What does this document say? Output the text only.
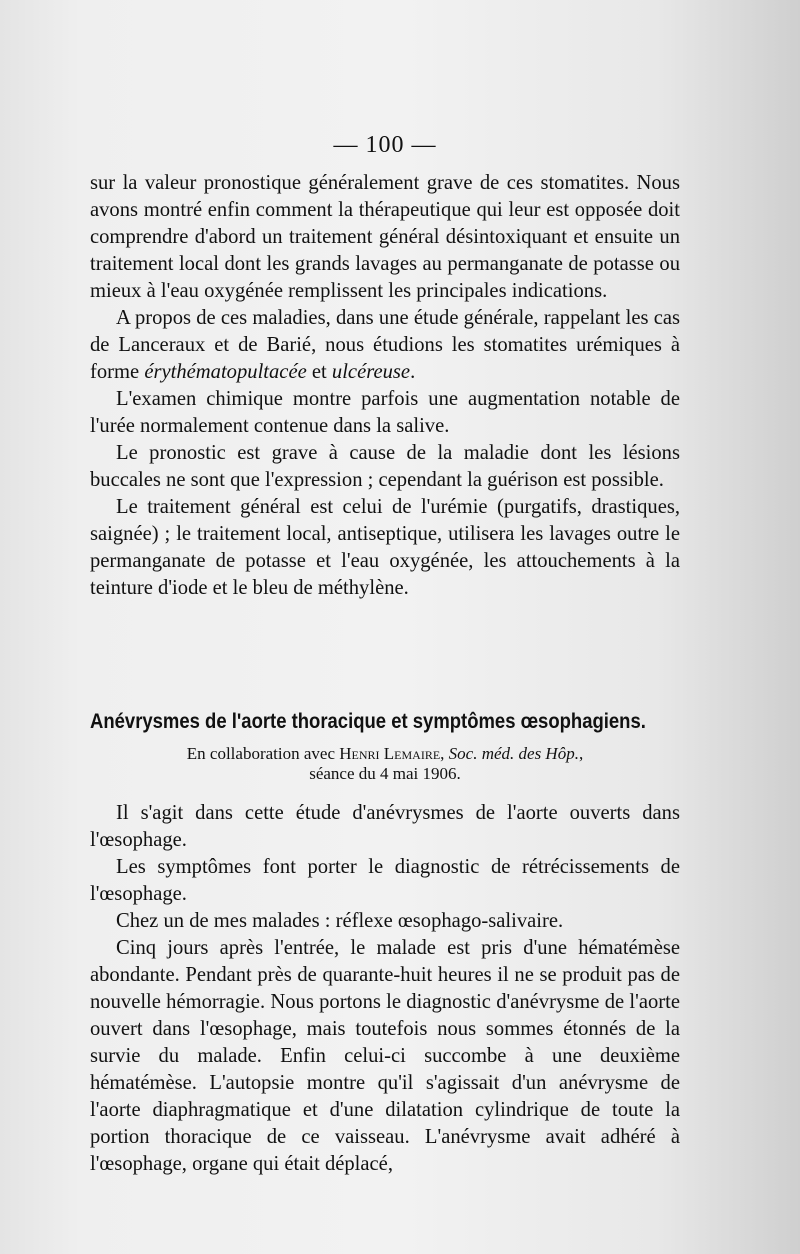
— 100 —

sur la valeur pronostique généralement grave de ces stomatites. Nous avons montré enfin comment la thérapeutique qui leur est opposée doit comprendre d'abord un traitement général désintoxiquant et ensuite un traitement local dont les grands lavages au permanganate de potasse ou mieux à l'eau oxygénée remplissent les principales indications.

A propos de ces maladies, dans une étude générale, rappelant les cas de Lanceraux et de Barié, nous étudions les stomatites urémiques à forme érythématopultacée et ulcéreuse.

L'examen chimique montre parfois une augmentation notable de l'urée normalement contenue dans la salive.

Le pronostic est grave à cause de la maladie dont les lésions buccales ne sont que l'expression ; cependant la guérison est possible.

Le traitement général est celui de l'urémie (purgatifs, drastiques, saignée) ; le traitement local, antiseptique, utilisera les lavages outre le permanganate de potasse et l'eau oxygénée, les attouchements à la teinture d'iode et le bleu de méthylène.

Anévrysmes de l'aorte thoracique et symptômes œsophagiens.
En collaboration avec Henri Lemaire, Soc. méd. des Hôp.,
séance du 4 mai 1906.

Il s'agit dans cette étude d'anévrysmes de l'aorte ouverts dans l'œsophage.

Les symptômes font porter le diagnostic de rétrécissements de l'œsophage.

Chez un de mes malades : réflexe œsophago-salivaire.

Cinq jours après l'entrée, le malade est pris d'une hématémèse abondante. Pendant près de quarante-huit heures il ne se produit pas de nouvelle hémorragie. Nous portons le diagnostic d'anévrysme de l'aorte ouvert dans l'œsophage, mais toutefois nous sommes étonnés de la survie du malade. Enfin celui-ci succombe à une deuxième hématémèse. L'autopsie montre qu'il s'agissait d'un anévrysme de l'aorte diaphragmatique et d'une dilatation cylindrique de toute la portion thoracique de ce vaisseau. L'anévrysme avait adhéré à l'œsophage, organe qui était déplacé,
